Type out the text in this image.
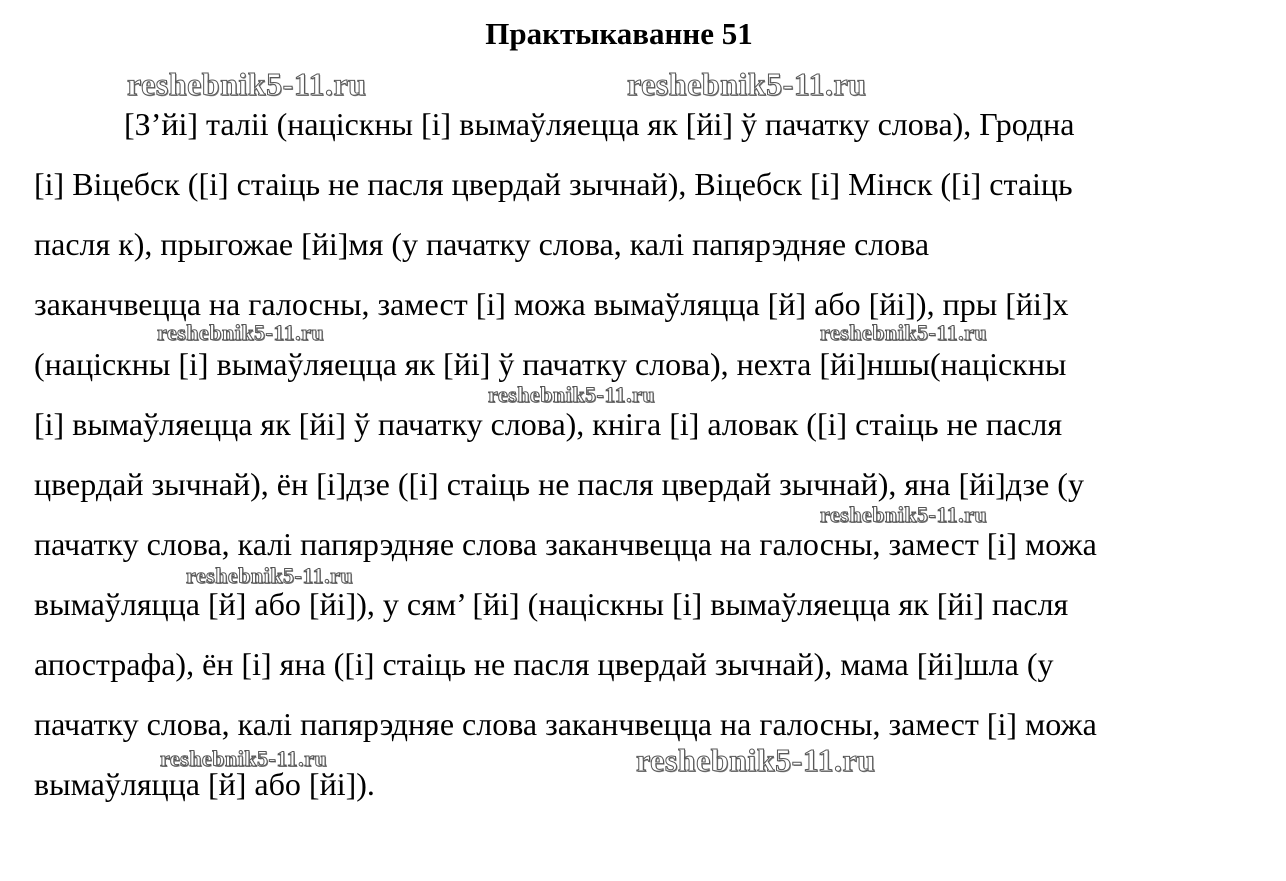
Практыкаванне 51
[З’йі] таліі (націскны [і] вымаўляецца як [йі] ў пачатку слова), Гродна
[і] Віцебск ([і] стаіць не пасля цвердай зычнай), Віцебск [і] Мінск ([і] стаіць
пасля к), прыгожае [йі]мя (у пачатку слова, калі папярэдняе слова
заканчвецца на галосны, замест [і] можа вымаўляцца [й] або [йі]), пры [йі]х
(націскны [і] вымаўляецца як [йі] ў пачатку слова), нехта [йі]ншы(націскны
[і] вымаўляецца як [йі] ў пачатку слова), кніга [і] аловак ([і] стаіць не пасля
цвердай зычнай), ён [і]дзе ([і] стаіць не пасля цвердай зычнай), яна [йі]дзе (у
пачатку слова, калі папярэдняе слова заканчвецца на галосны, замест [і] можа
вымаўляцца [й] або [йі]), у сям’ [йі] (націскны [і] вымаўляецца як [йі] пасля
апострафа), ён [і] яна ([і] стаіць не пасля цвердай зычнай), мама [йі]шла (у
пачатку слова, калі папярэдняе слова заканчвецца на галосны, замест [і] можа
вымаўляцца [й] або [йі]).
reshebnik5-11.ru	reshebnik5-11.ru
reshebnik5-11.ru	reshebnik5-11.ru
reshebnik5-11.ru
reshebnik5-11.ru
reshebnik5-11.ru
reshebnik5-11.ru	reshebnik5-11.ru
